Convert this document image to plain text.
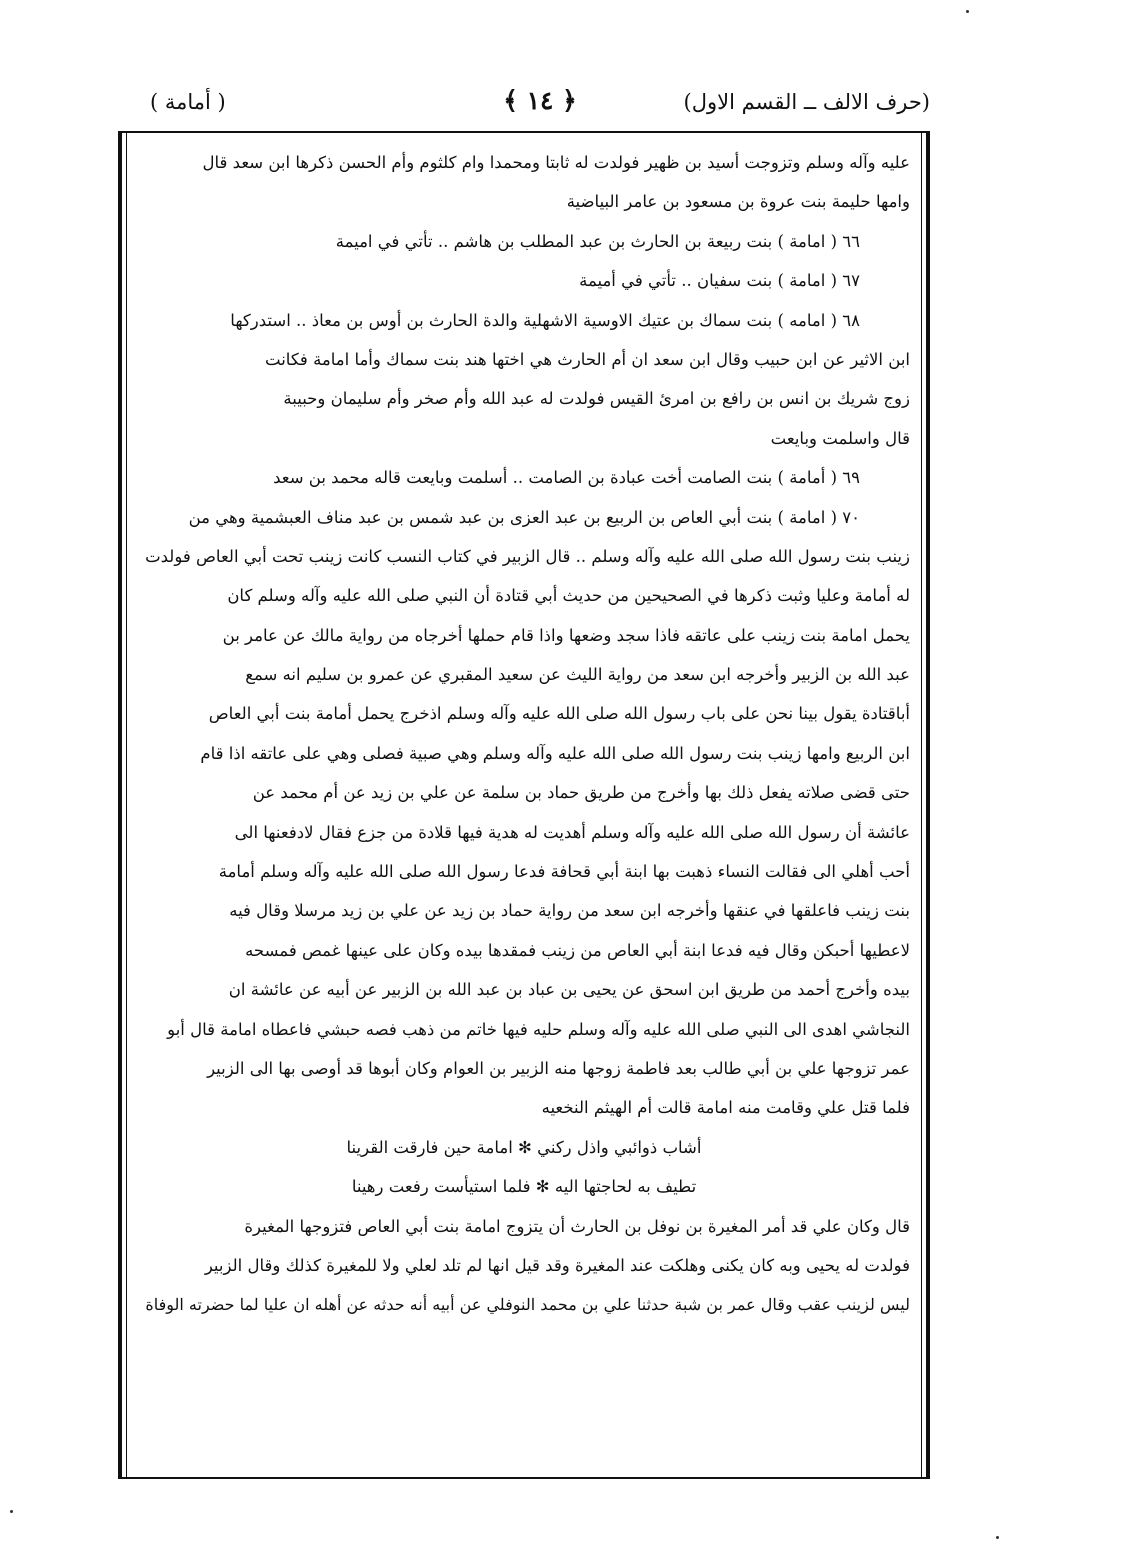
(حرف الالف ــ القسم الاول)
﴿ ١٤ ﴾
( أمامة )
عليه وآله وسلم وتزوجت أسيد بن ظهير فولدت له ثابتا ومحمدا وام كلثوم وأم الحسن ذكرها ابن سعد قال
وامها حليمة بنت عروة بن مسعود بن عامر البياضية
٦٦ ( امامة ) بنت ربيعة بن الحارث بن عبد المطلب بن هاشم .. تأتي في اميمة
٦٧ ( امامة ) بنت سفيان .. تأتي في أميمة
٦٨ ( امامه ) بنت سماك بن عتيك الاوسية الاشهلية والدة الحارث بن أوس بن معاذ .. استدركها
ابن الاثير عن ابن حبيب وقال ابن سعد ان أم الحارث هي اختها هند بنت سماك وأما امامة فكانت
زوج شريك بن انس بن رافع بن امرئ القيس فولدت له عبد الله وأم صخر وأم سليمان وحبيبة
قال واسلمت وبايعت
٦٩ ( أمامة ) بنت الصامت أخت عبادة بن الصامت .. أسلمت وبايعت قاله محمد بن سعد
٧٠ ( امامة ) بنت أبي العاص بن الربيع بن عبد العزى بن عبد شمس بن عبد مناف العبشمية وهي من
زينب بنت رسول الله صلى الله عليه وآله وسلم .. قال الزبير في كتاب النسب كانت زينب تحت أبي العاص فولدت
له أمامة وعليا وثبت ذكرها في الصحيحين من حديث أبي قتادة أن النبي صلى الله عليه وآله وسلم كان
يحمل امامة بنت زينب على عاتقه فاذا سجد وضعها واذا قام حملها أخرجاه من رواية مالك عن عامر بن
عبد الله بن الزبير وأخرجه ابن سعد من رواية الليث عن سعيد المقبري عن عمرو بن سليم انه سمع
أباقتادة يقول بينا نحن على باب رسول الله صلى الله عليه وآله وسلم اذخرج يحمل أمامة بنت أبي العاص
ابن الربيع وامها زينب بنت رسول الله صلى الله عليه وآله وسلم وهي صبية فصلى وهي على عاتقه اذا قام
حتى قضى صلاته يفعل ذلك بها وأخرج من طريق حماد بن سلمة عن علي بن زيد عن أم محمد عن
عائشة أن رسول الله صلى الله عليه وآله وسلم أهديت له هدية فيها قلادة من جزع فقال لادفعنها الى
أحب أهلي الى فقالت النساء ذهبت بها ابنة أبي قحافة فدعا رسول الله صلى الله عليه وآله وسلم أمامة
بنت زينب فاعلقها في عنقها وأخرجه ابن سعد من رواية حماد بن زيد عن علي بن زيد مرسلا وقال فيه
لاعطيها أحبكن وقال فيه فدعا ابنة أبي العاص من زينب فمقدها بيده وكان على عينها غمص فمسحه
بيده وأخرج أحمد من طريق ابن اسحق عن يحيى بن عباد بن عبد الله بن الزبير عن أبيه عن عائشة ان
النجاشي اهدى الى النبي صلى الله عليه وآله وسلم حليه فيها خاتم من ذهب فصه حبشي فاعطاه امامة قال أبو
عمر تزوجها علي بن أبي طالب بعد فاطمة زوجها منه الزبير بن العوام وكان أبوها قد أوصى بها الى الزبير
فلما قتل علي وقامت منه امامة قالت أم الهيثم النخعيه
أشاب ذوائبي واذل ركني ✻ امامة حين فارقت القرينا
تطيف به لحاجتها اليه ✻ فلما استيأست رفعت رهينا
قال وكان علي قد أمر المغيرة بن نوفل بن الحارث أن يتزوج امامة بنت أبي العاص فتزوجها المغيرة
فولدت له يحيى وبه كان يكنى وهلكت عند المغيرة وقد قيل انها لم تلد لعلي ولا للمغيرة كذلك وقال الزبير
ليس لزينب عقب وقال عمر بن شبة حدثنا علي بن محمد النوفلي عن أبيه أنه حدثه عن أهله ان عليا لما حضرته الوفاة
